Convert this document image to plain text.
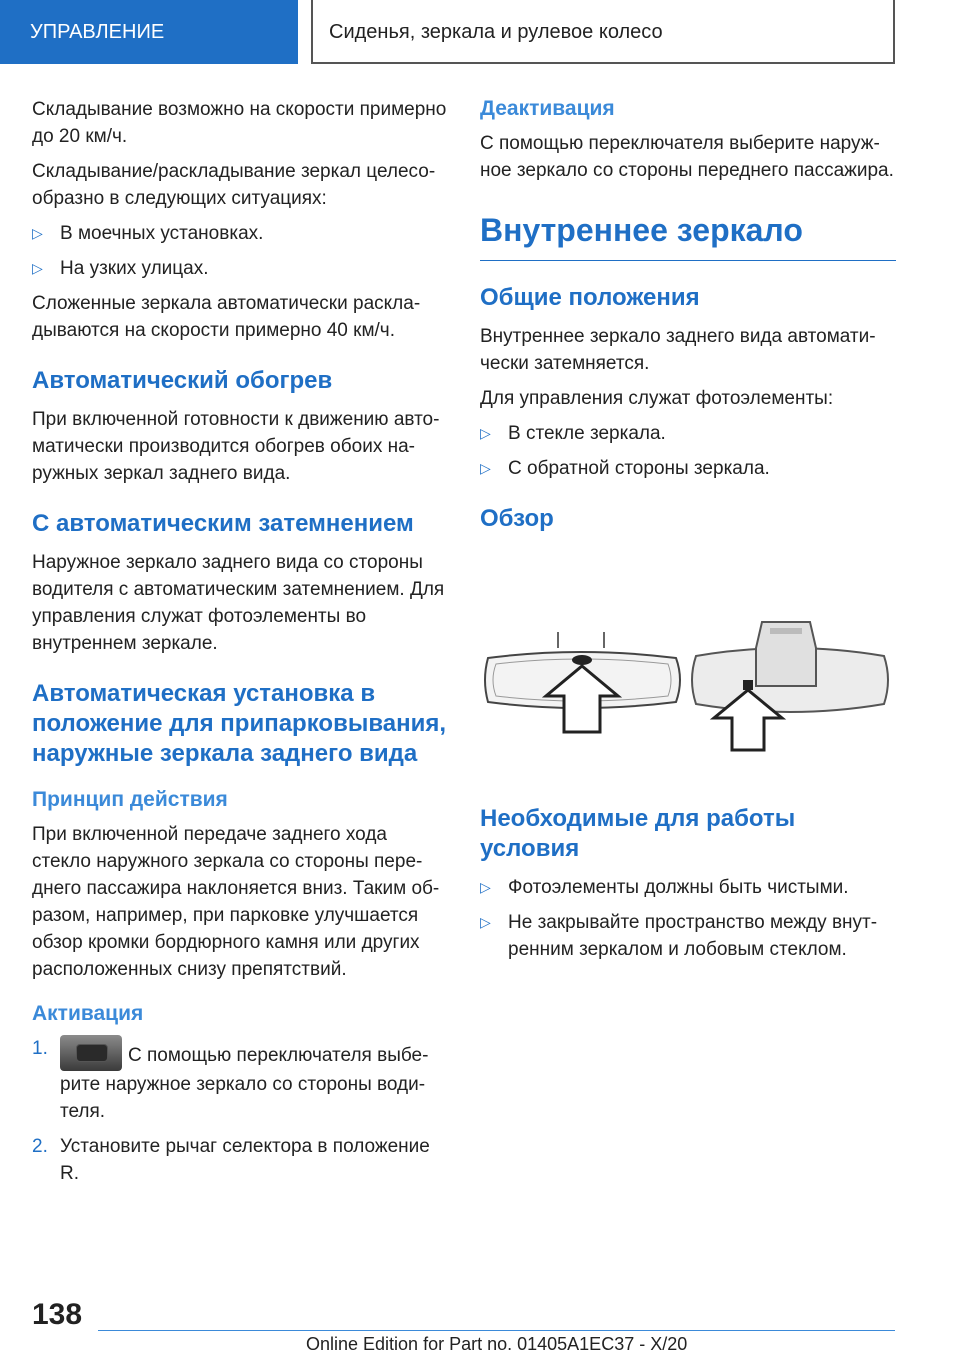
УПРАВЛЕНИЕ	Сиденья, зеркала и рулевое колесо

Складывание возможно на скорости примерно до 20 км/ч.

Складывание/раскладывание зеркал целесообразно в следующих ситуациях:

▷ В моечных установках.

▷ На узких улицах.

Сложенные зеркала автоматически раскладываются на скорости примерно 40 км/ч.

Автоматический обогрев

При включенной готовности к движению автоматически производится обогрев обоих наружных зеркал заднего вида.

С автоматическим затемнением

Наружное зеркало заднего вида со стороны водителя с автоматическим затемнением. Для управления служат фотоэлементы во внутреннем зеркале.

Автоматическая установка в положение для припарковывания, наружные зеркала заднего вида
Принцип действия

При включенной передаче заднего хода стекло наружного зеркала со стороны переднего пассажира наклоняется вниз. Таким образом, например, при парковке улучшается обзор кромки бордюрного камня или других расположенных снизу препятствий.

Активация

1.	С помощью переключателя выберите наружное зеркало со стороны водителя.

2. Установите рычаг селектора в положение R.

Деактивация

С помощью переключателя выберите наружное зеркало со стороны переднего пассажира.

Внутреннее зеркало
Общие положения

Внутреннее зеркало заднего вида автоматически затемняется.

Для управления служат фотоэлементы:

▷ В стекле зеркала.

▷ С обратной стороны зеркала.

Обзор
Необходимые для работы условия

▷ Фотоэлементы должны быть чистыми.

▷ Не закрывайте пространство между внутренним зеркалом и лобовым стеклом.

138
Online Edition for Part no. 01405A1EC37 - X/20
